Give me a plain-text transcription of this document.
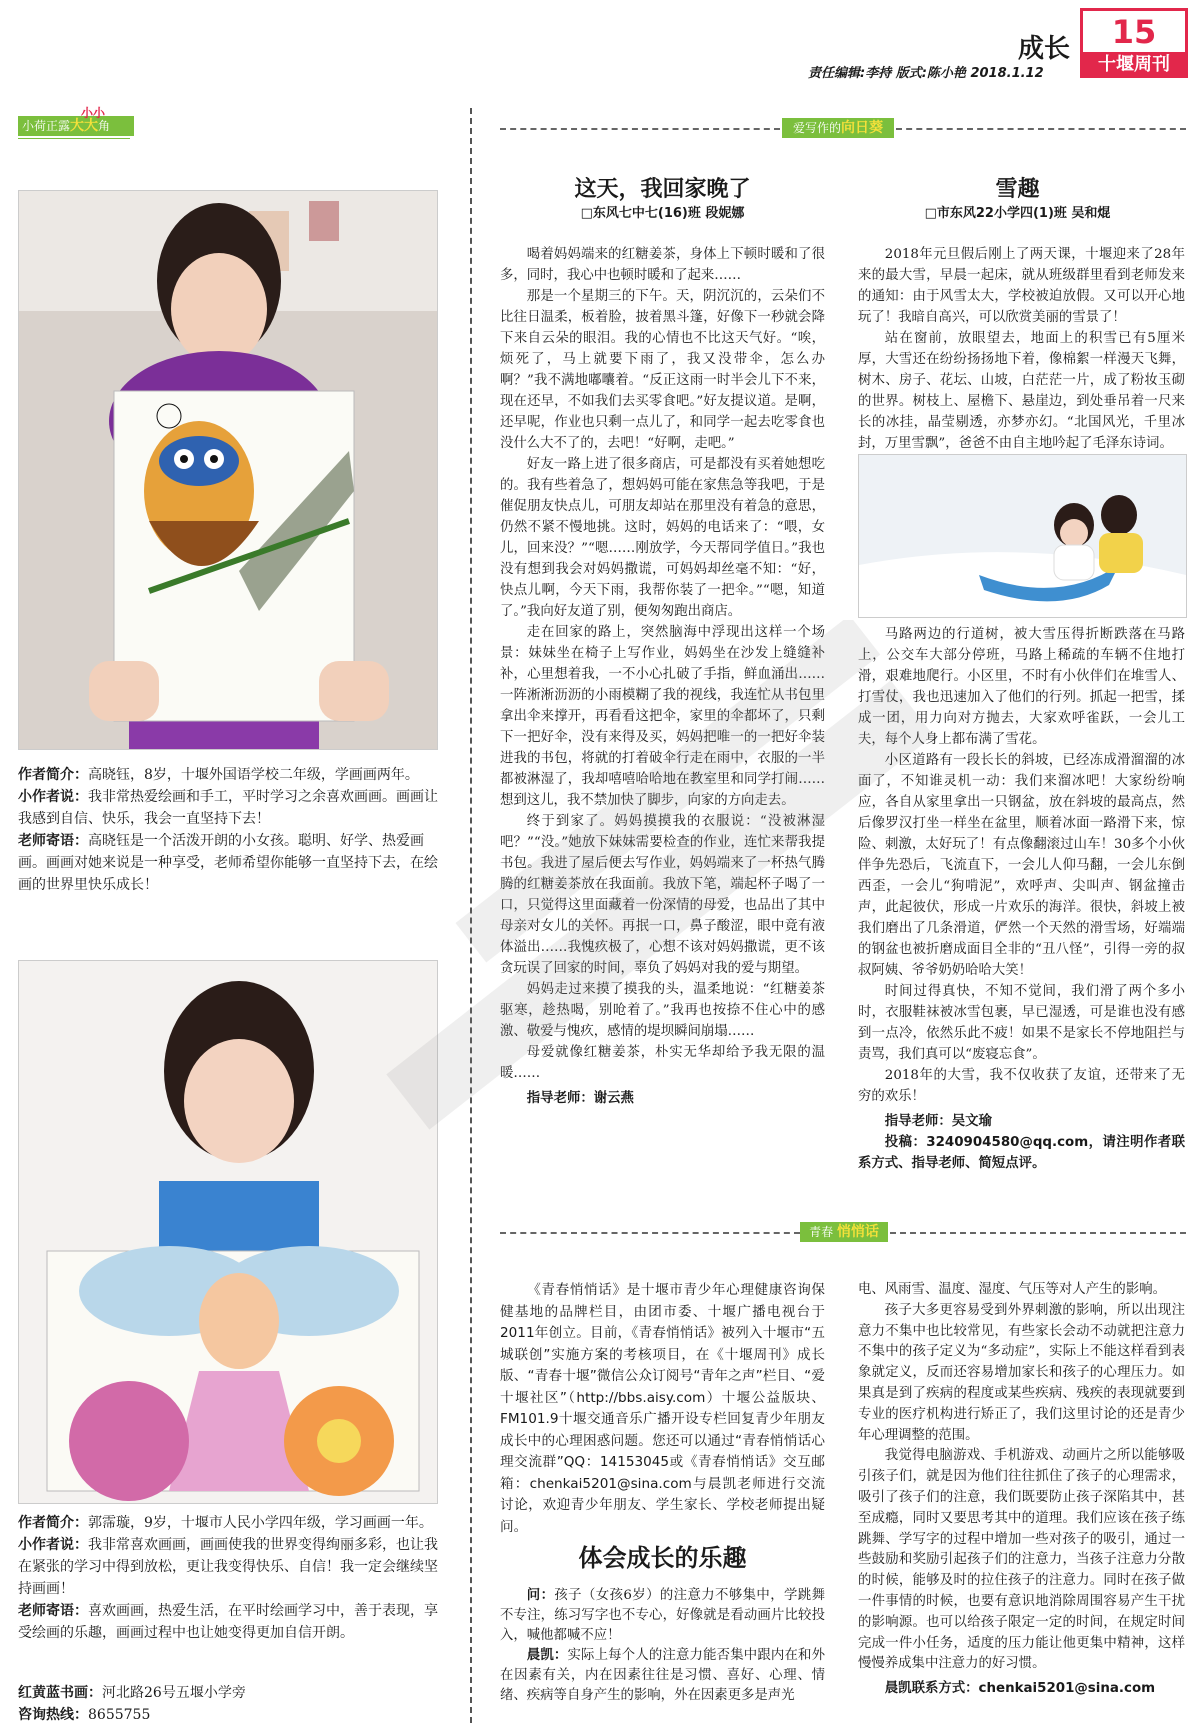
成长
责任编辑:李持 版式:陈小艳 2018.1.12
15
十堰周刊
小荷正露大大角
小小

作者简介：高晓钰，8岁，十堰外国语学校二年级，学画画两年。

小作者说：我非常热爱绘画和手工，平时学习之余喜欢画画。画画让我感到自信、快乐，我会一直坚持下去！

老师寄语：高晓钰是一个活泼开朗的小女孩。聪明、好学、热爱画画。画画对她来说是一种享受，老师希望你能够一直坚持下去，在绘画的世界里快乐成长！

作者简介：郭霈璇，9岁，十堰市人民小学四年级，学习画画一年。

小作者说：我非常喜欢画画，画画使我的世界变得绚丽多彩，也让我在紧张的学习中得到放松，更让我变得快乐、自信！我一定会继续坚持画画！

老师寄语：喜欢画画，热爱生活，在平时绘画学习中，善于表现，享受绘画的乐趣，画画过程中也让她变得更加自信开朗。

红黄蓝书画：河北路26号五堰小学旁

咨询热线：8655755

爱写作的向日葵
这天，我回家晚了
□东风七中七(16)班 段妮娜

喝着妈妈端来的红糖姜茶，身体上下顿时暖和了很多，同时，我心中也顿时暖和了起来……

那是一个星期三的下午。天，阴沉沉的，云朵们不比往日温柔，板着脸，披着黑斗篷，好像下一秒就会降下来自云朵的眼泪。我的心情也不比这天气好。“唉，烦死了，马上就要下雨了，我又没带伞，怎么办啊？”我不满地嘟囔着。“反正这雨一时半会儿下不来，现在还早，不如我们去买零食吧。”好友提议道。是啊，还早呢，作业也只剩一点儿了，和同学一起去吃零食也没什么大不了的，去吧！“好啊，走吧。”

好友一路上进了很多商店，可是都没有买着她想吃的。我有些着急了，想妈妈可能在家焦急等我吧，于是催促朋友快点儿，可朋友却站在那里没有着急的意思，仍然不紧不慢地挑。这时，妈妈的电话来了：“喂，女儿，回来没？”“嗯……刚放学，今天帮同学值日。”我也没有想到我会对妈妈撒谎，可妈妈却丝毫不知：“好，快点儿啊，今天下雨，我帮你装了一把伞。”“嗯，知道了。”我向好友道了别，便匆匆跑出商店。

走在回家的路上，突然脑海中浮现出这样一个场景：妹妹坐在椅子上写作业，妈妈坐在沙发上缝缝补补，心里想着我，一不小心扎破了手指，鲜血涌出……一阵淅淅沥沥的小雨模糊了我的视线，我连忙从书包里拿出伞来撑开，再看看这把伞，家里的伞都坏了，只剩下一把好伞，没有来得及买，妈妈把唯一的一把好伞装进我的书包，将就的打着破伞行走在雨中，衣服的一半都被淋湿了，我却嘻嘻哈哈地在教室里和同学打闹……想到这儿，我不禁加快了脚步，向家的方向走去。

终于到家了。妈妈摸摸我的衣服说：“没被淋湿吧？”“没。”她放下妹妹需要检查的作业，连忙来帮我提书包。我进了屋后便去写作业，妈妈端来了一杯热气腾腾的红糖姜茶放在我面前。我放下笔，端起杯子喝了一口，只觉得这里面藏着一份深情的母爱，也品出了其中母亲对女儿的关怀。再抿一口，鼻子酸涩，眼中竟有液体溢出……我愧疚极了，心想不该对妈妈撒谎，更不该贪玩误了回家的时间，辜负了妈妈对我的爱与期望。

妈妈走过来摸了摸我的头，温柔地说：“红糖姜茶驱寒，趁热喝，别呛着了。”我再也按捺不住心中的感激、敬爱与愧疚，感情的堤坝瞬间崩塌……

母爱就像红糖姜茶，朴实无华却给予我无限的温暖……

指导老师：谢云燕

雪趣
□市东风22小学四(1)班 吴和焜

2018年元旦假后刚上了两天课，十堰迎来了28年来的最大雪，早晨一起床，就从班级群里看到老师发来的通知：由于风雪太大，学校被迫放假。又可以开心地玩了！我暗自高兴，可以欣赏美丽的雪景了！

站在窗前，放眼望去，地面上的积雪已有5厘米厚，大雪还在纷纷扬扬地下着，像棉絮一样漫天飞舞，树木、房子、花坛、山坡，白茫茫一片，成了粉妆玉砌的世界。树枝上、屋檐下、悬崖边，到处垂吊着一尺来长的冰挂，晶莹剔透，亦梦亦幻。“北国风光，千里冰封，万里雪飘”，爸爸不由自主地吟起了毛泽东诗词。

马路两边的行道树，被大雪压得折断跌落在马路上，公交车大部分停班，马路上稀疏的车辆不住地打滑，艰难地爬行。小区里，不时有小伙伴们在堆雪人、打雪仗，我也迅速加入了他们的行列。抓起一把雪，揉成一团，用力向对方抛去，大家欢呼雀跃，一会儿工夫，每个人身上都布满了雪花。

小区道路有一段长长的斜坡，已经冻成滑溜溜的冰面了，不知谁灵机一动：我们来溜冰吧！大家纷纷响应，各自从家里拿出一只钢盆，放在斜坡的最高点，然后像罗汉打坐一样坐在盆里，顺着冰面一路滑下来，惊险、刺激，太好玩了！有点像翻滚过山车！30多个小伙伴争先恐后，飞流直下，一会儿人仰马翻，一会儿东倒西歪，一会儿“狗啃泥”，欢呼声、尖叫声、钢盆撞击声，此起彼伏，形成一片欢乐的海洋。很快，斜坡上被我们磨出了几条滑道，俨然一个天然的滑雪场，好端端的钢盆也被折磨成面目全非的“丑八怪”，引得一旁的叔叔阿姨、爷爷奶奶哈哈大笑！

时间过得真快，不知不觉间，我们滑了两个多小时，衣服鞋袜被冰雪包裹，早已湿透，可是谁也没有感到一点冷，依然乐此不疲！如果不是家长不停地阻拦与责骂，我们真可以“废寝忘食”。

2018年的大雪，我不仅收获了友谊，还带来了无穷的欢乐！

指导老师：吴文瑜

投稿：3240904580@qq.com，请注明作者联系方式、指导老师、简短点评。

青春 悄悄话

《青春悄悄话》是十堰市青少年心理健康咨询保健基地的品牌栏目，由团市委、十堰广播电视台于2011年创立。目前，《青春悄悄话》被列入十堰市“五城联创”实施方案的考核项目，在《十堰周刊》成长版、“青春十堰”微信公众订阅号“青年之声”栏目、“爱十堰社区”（http://bbs.aisy.com）十堰公益版块、FM101.9十堰交通音乐广播开设专栏回复青少年朋友成长中的心理困惑问题。您还可以通过“青春悄悄话心理交流群”QQ：14153045或《青春悄悄话》交互邮箱：chenkai5201@sina.com与晨凯老师进行交流讨论，欢迎青少年朋友、学生家长、学校老师提出疑问。

体会成长的乐趣

问：孩子（女孩6岁）的注意力不够集中，学跳舞不专注，练习写字也不专心，好像就是看动画片比较投入，喊他都喊不应！

晨凯：实际上每个人的注意力能否集中跟内在和外在因素有关，内在因素往往是习惯、喜好、心理、情绪、疾病等自身产生的影响，外在因素更多是声光

电、风雨雪、温度、湿度、气压等对人产生的影响。

孩子大多更容易受到外界刺激的影响，所以出现注意力不集中也比较常见，有些家长会动不动就把注意力不集中的孩子定义为“多动症”，实际上不能这样看到表象就定义，反而还容易增加家长和孩子的心理压力。如果真是到了疾病的程度或某些疾病、残疾的表现就要到专业的医疗机构进行矫正了，我们这里讨论的还是青少年心理调整的范围。

我觉得电脑游戏、手机游戏、动画片之所以能够吸引孩子们，就是因为他们往往抓住了孩子的心理需求，吸引了孩子们的注意，我们既要防止孩子深陷其中，甚至成瘾，同时又要思考其中的道理。我们应该在孩子练跳舞、学写字的过程中增加一些对孩子的吸引，通过一些鼓励和奖励引起孩子们的注意力，当孩子注意力分散的时候，能够及时的拉住孩子的注意力。同时在孩子做一件事情的时候，也要有意识地消除周围容易产生干扰的影响源。也可以给孩子限定一定的时间，在规定时间完成一件小任务，适度的压力能让他更集中精神，这样慢慢养成集中注意力的好习惯。

晨凯联系方式：chenkai5201@sina.com
